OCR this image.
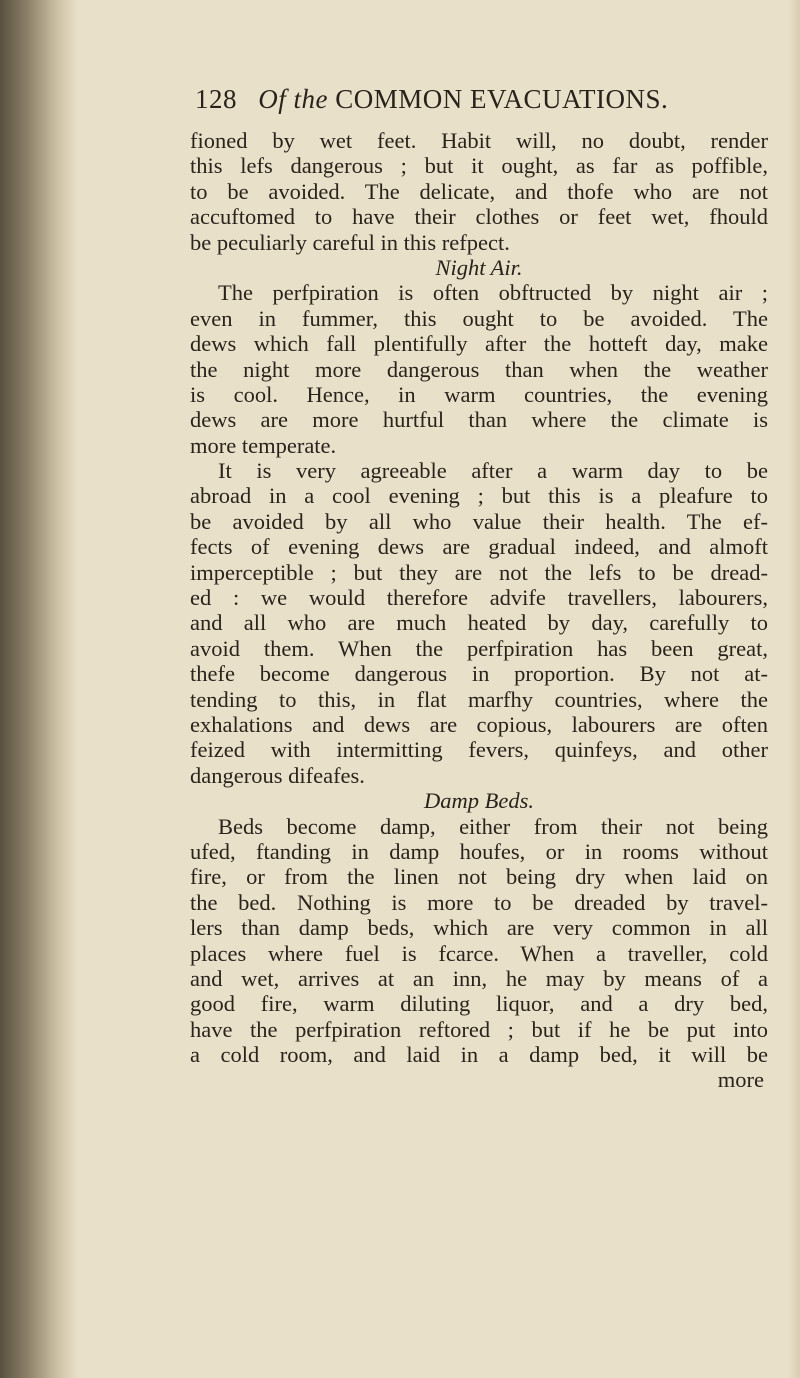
128 Of the COMMON EVACUATIONS.
fioned by wet feet. Habit will, no doubt, render
this lefs dangerous ; but it ought, as far as poffible,
to be avoided. The delicate, and thofe who are not
accuftomed to have their clothes or feet wet, fhould
be peculiarly careful in this refpect.
Night Air.
The perfpiration is often obftructed by night air ;
even in fummer, this ought to be avoided. The
dews which fall plentifully after the hotteft day, make
the night more dangerous than when the weather
is cool. Hence, in warm countries, the evening
dews are more hurtful than where the climate is
more temperate.
It is very agreeable after a warm day to be
abroad in a cool evening ; but this is a pleafure to
be avoided by all who value their health. The ef-
fects of evening dews are gradual indeed, and almoft
imperceptible ; but they are not the lefs to be dread-
ed : we would therefore advife travellers, labourers,
and all who are much heated by day, carefully to
avoid them. When the perfpiration has been great,
thefe become dangerous in proportion. By not at-
tending to this, in flat marfhy countries, where the
exhalations and dews are copious, labourers are often
feized with intermitting fevers, quinfeys, and other
dangerous difeafes.
Damp Beds.
Beds become damp, either from their not being
ufed, ftanding in damp houfes, or in rooms without
fire, or from the linen not being dry when laid on
the bed. Nothing is more to be dreaded by travel-
lers than damp beds, which are very common in all
places where fuel is fcarce. When a traveller, cold
and wet, arrives at an inn, he may by means of a
good fire, warm diluting liquor, and a dry bed,
have the perfpiration reftored ; but if he be put into
a cold room, and laid in a damp bed, it will be
more
